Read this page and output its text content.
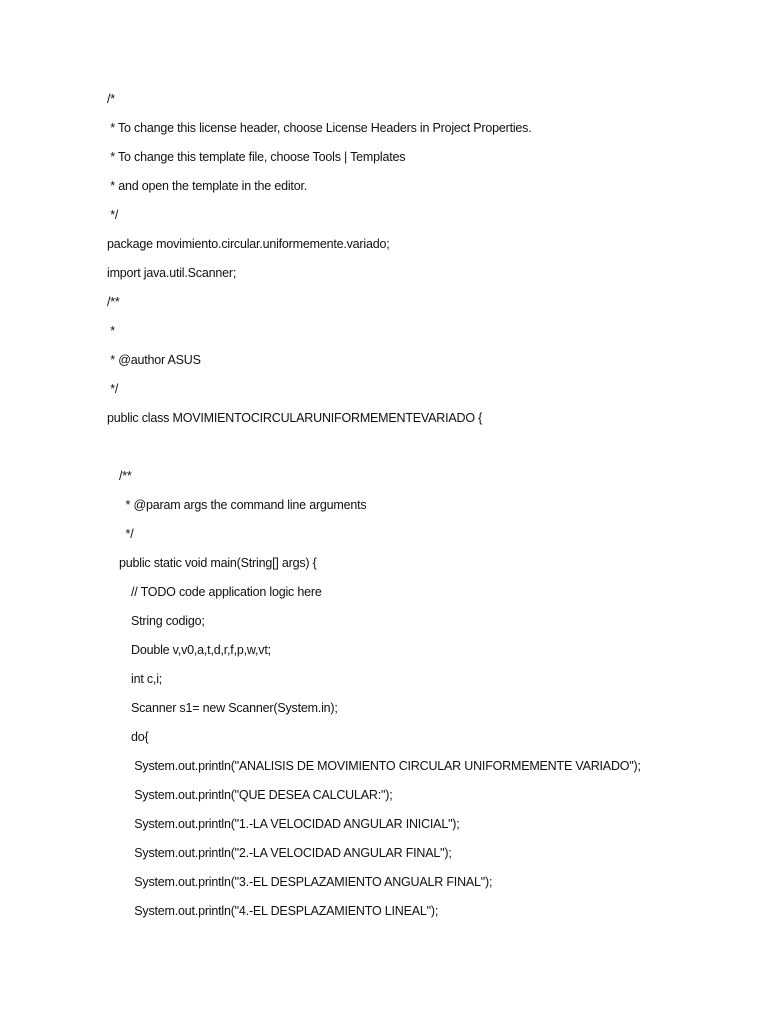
/*
* To change this license header, choose License Headers in Project Properties.
* To change this template file, choose Tools | Templates
* and open the template in the editor.
*/
package movimiento.circular.uniformemente.variado;
import java.util.Scanner;
/**
*
* @author ASUS
*/
public class MOVIMIENTOCIRCULARUNIFORMEMENTEVARIADO {
/**
* @param args the command line arguments
*/
public static void main(String[] args) {
// TODO code application logic here
String codigo;
Double v,v0,a,t,d,r,f,p,w,vt;
int c,i;
Scanner s1= new Scanner(System.in);
do{
System.out.println("ANALISIS DE MOVIMIENTO CIRCULAR UNIFORMEMENTE VARIADO");
System.out.println("QUE DESEA CALCULAR:");
System.out.println("1.-LA VELOCIDAD ANGULAR INICIAL");
System.out.println("2.-LA VELOCIDAD ANGULAR FINAL");
System.out.println("3.-EL DESPLAZAMIENTO ANGUALR FINAL");
System.out.println("4.-EL DESPLAZAMIENTO LINEAL");
